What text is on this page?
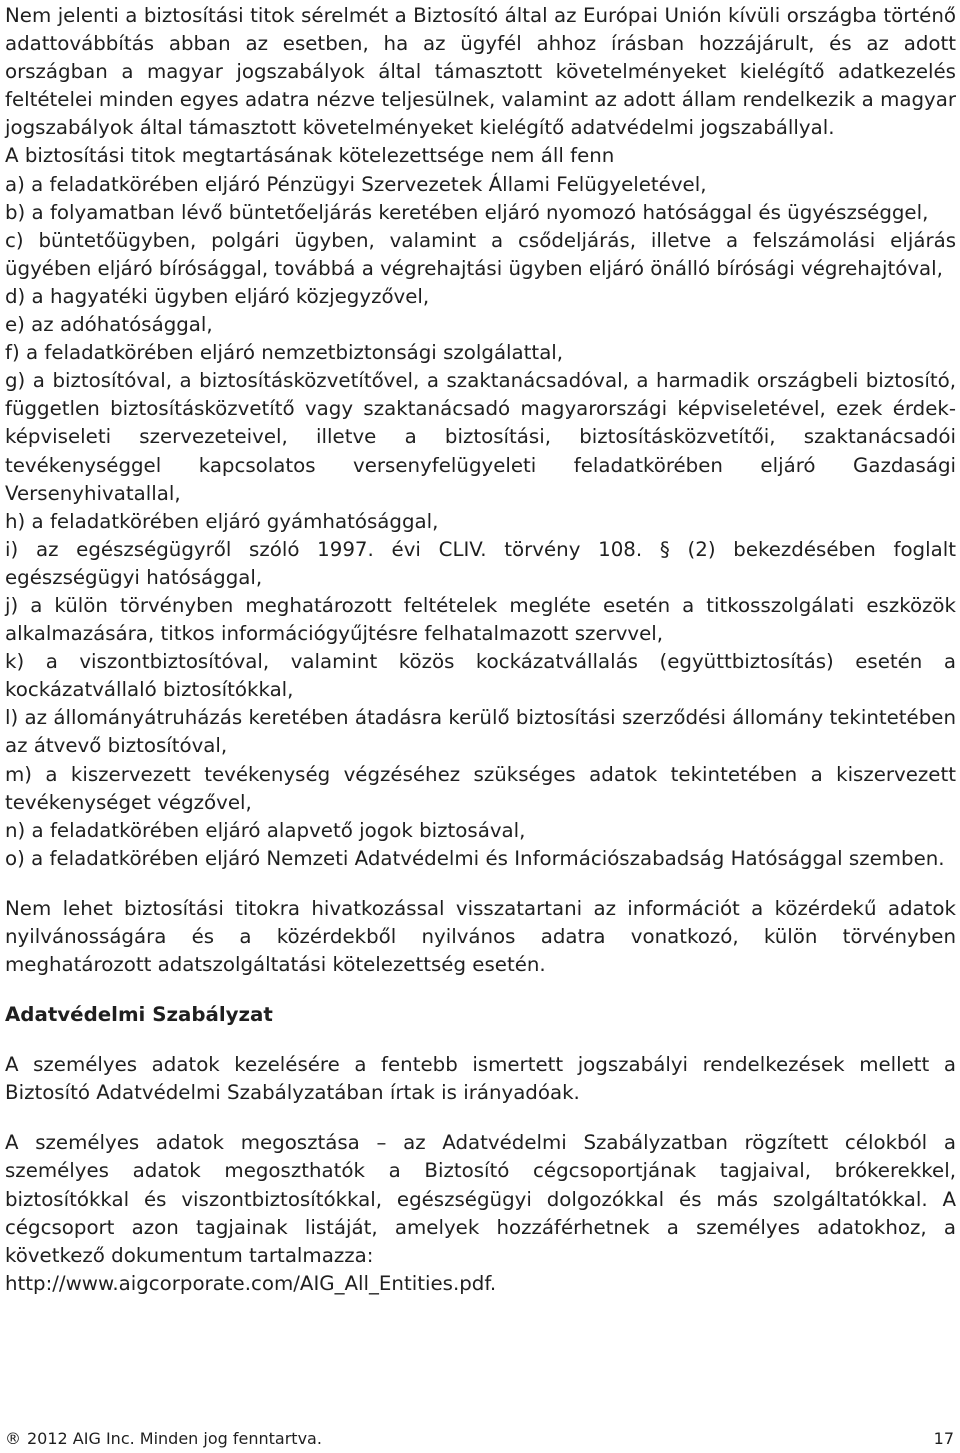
Nem jelenti a biztosítási titok sérelmét a Biztosító által az Európai Unión kívüli országba történő adattovábbítás abban az esetben, ha az ügyfél ahhoz írásban hozzájárult, és az adott országban a magyar jogszabályok által támasztott követelményeket kielégítő adatkezelés feltételei minden egyes adatra nézve teljesülnek, valamint az adott állam rendelkezik a magyar jogszabályok által támasztott követelményeket kielégítő adatvédelmi jogszabállyal.

A biztosítási titok megtartásának kötelezettsége nem áll fenn

a) a feladatkörében eljáró Pénzügyi Szervezetek Állami Felügyeletével,

b) a folyamatban lévő büntetőeljárás keretében eljáró nyomozó hatósággal és ügyészséggel,

c) büntetőügyben, polgári ügyben, valamint a csődeljárás, illetve a felszámolási eljárás ügyében eljáró bírósággal, továbbá a végrehajtási ügyben eljáró önálló bírósági végrehajtóval,

d) a hagyatéki ügyben eljáró közjegyzővel,

e) az adóhatósággal,

f) a feladatkörében eljáró nemzetbiztonsági szolgálattal,

g) a biztosítóval, a biztosításközvetítővel, a szaktanácsadóval, a harmadik országbeli biztosító, független biztosításközvetítő vagy szaktanácsadó magyarországi képviseletével, ezek érdek-képviseleti szervezeteivel, illetve a biztosítási, biztosításközvetítői, szaktanácsadói tevékenységgel kapcsolatos versenyfelügyeleti feladatkörében eljáró Gazdasági Versenyhivatallal,

h) a feladatkörében eljáró gyámhatósággal,

i) az egészségügyről szóló 1997. évi CLIV. törvény 108. § (2) bekezdésében foglalt egészségügyi hatósággal,

j) a külön törvényben meghatározott feltételek megléte esetén a titkosszolgálati eszközök alkalmazására, titkos információgyűjtésre felhatalmazott szervvel,

k) a viszontbiztosítóval, valamint közös kockázatvállalás (együttbiztosítás) esetén a kockázatvállaló biztosítókkal,

l) az állományátruházás keretében átadásra kerülő biztosítási szerződési állomány tekintetében az átvevő biztosítóval,

m) a kiszervezett tevékenység végzéséhez szükséges adatok tekintetében a kiszervezett tevékenységet végzővel,

n) a feladatkörében eljáró alapvető jogok biztosával,

o) a feladatkörében eljáró Nemzeti Adatvédelmi és Információszabadság Hatósággal szemben.

Nem lehet biztosítási titokra hivatkozással visszatartani az információt a közérdekű adatok nyilvánosságára és a közérdekből nyilvános adatra vonatkozó, külön törvényben meghatározott adatszolgáltatási kötelezettség esetén.

Adatvédelmi Szabályzat

A személyes adatok kezelésére a fentebb ismertett jogszabályi rendelkezések mellett a Biztosító Adatvédelmi Szabályzatában írtak is irányadóak.

A személyes adatok megosztása – az Adatvédelmi Szabályzatban rögzített célokból a személyes adatok megoszthatók a Biztosító cégcsoportjának tagjaival, brókerekkel, biztosítókkal és viszontbiztosítókkal, egészségügyi dolgozókkal és más szolgáltatókkal. A cégcsoport azon tagjainak listáját, amelyek hozzáférhetnek a személyes adatokhoz, a következő dokumentum tartalmazza:

http://www.aigcorporate.com/AIG_All_Entities.pdf.

® 2012 AIG Inc. Minden jog fenntartva.	17
